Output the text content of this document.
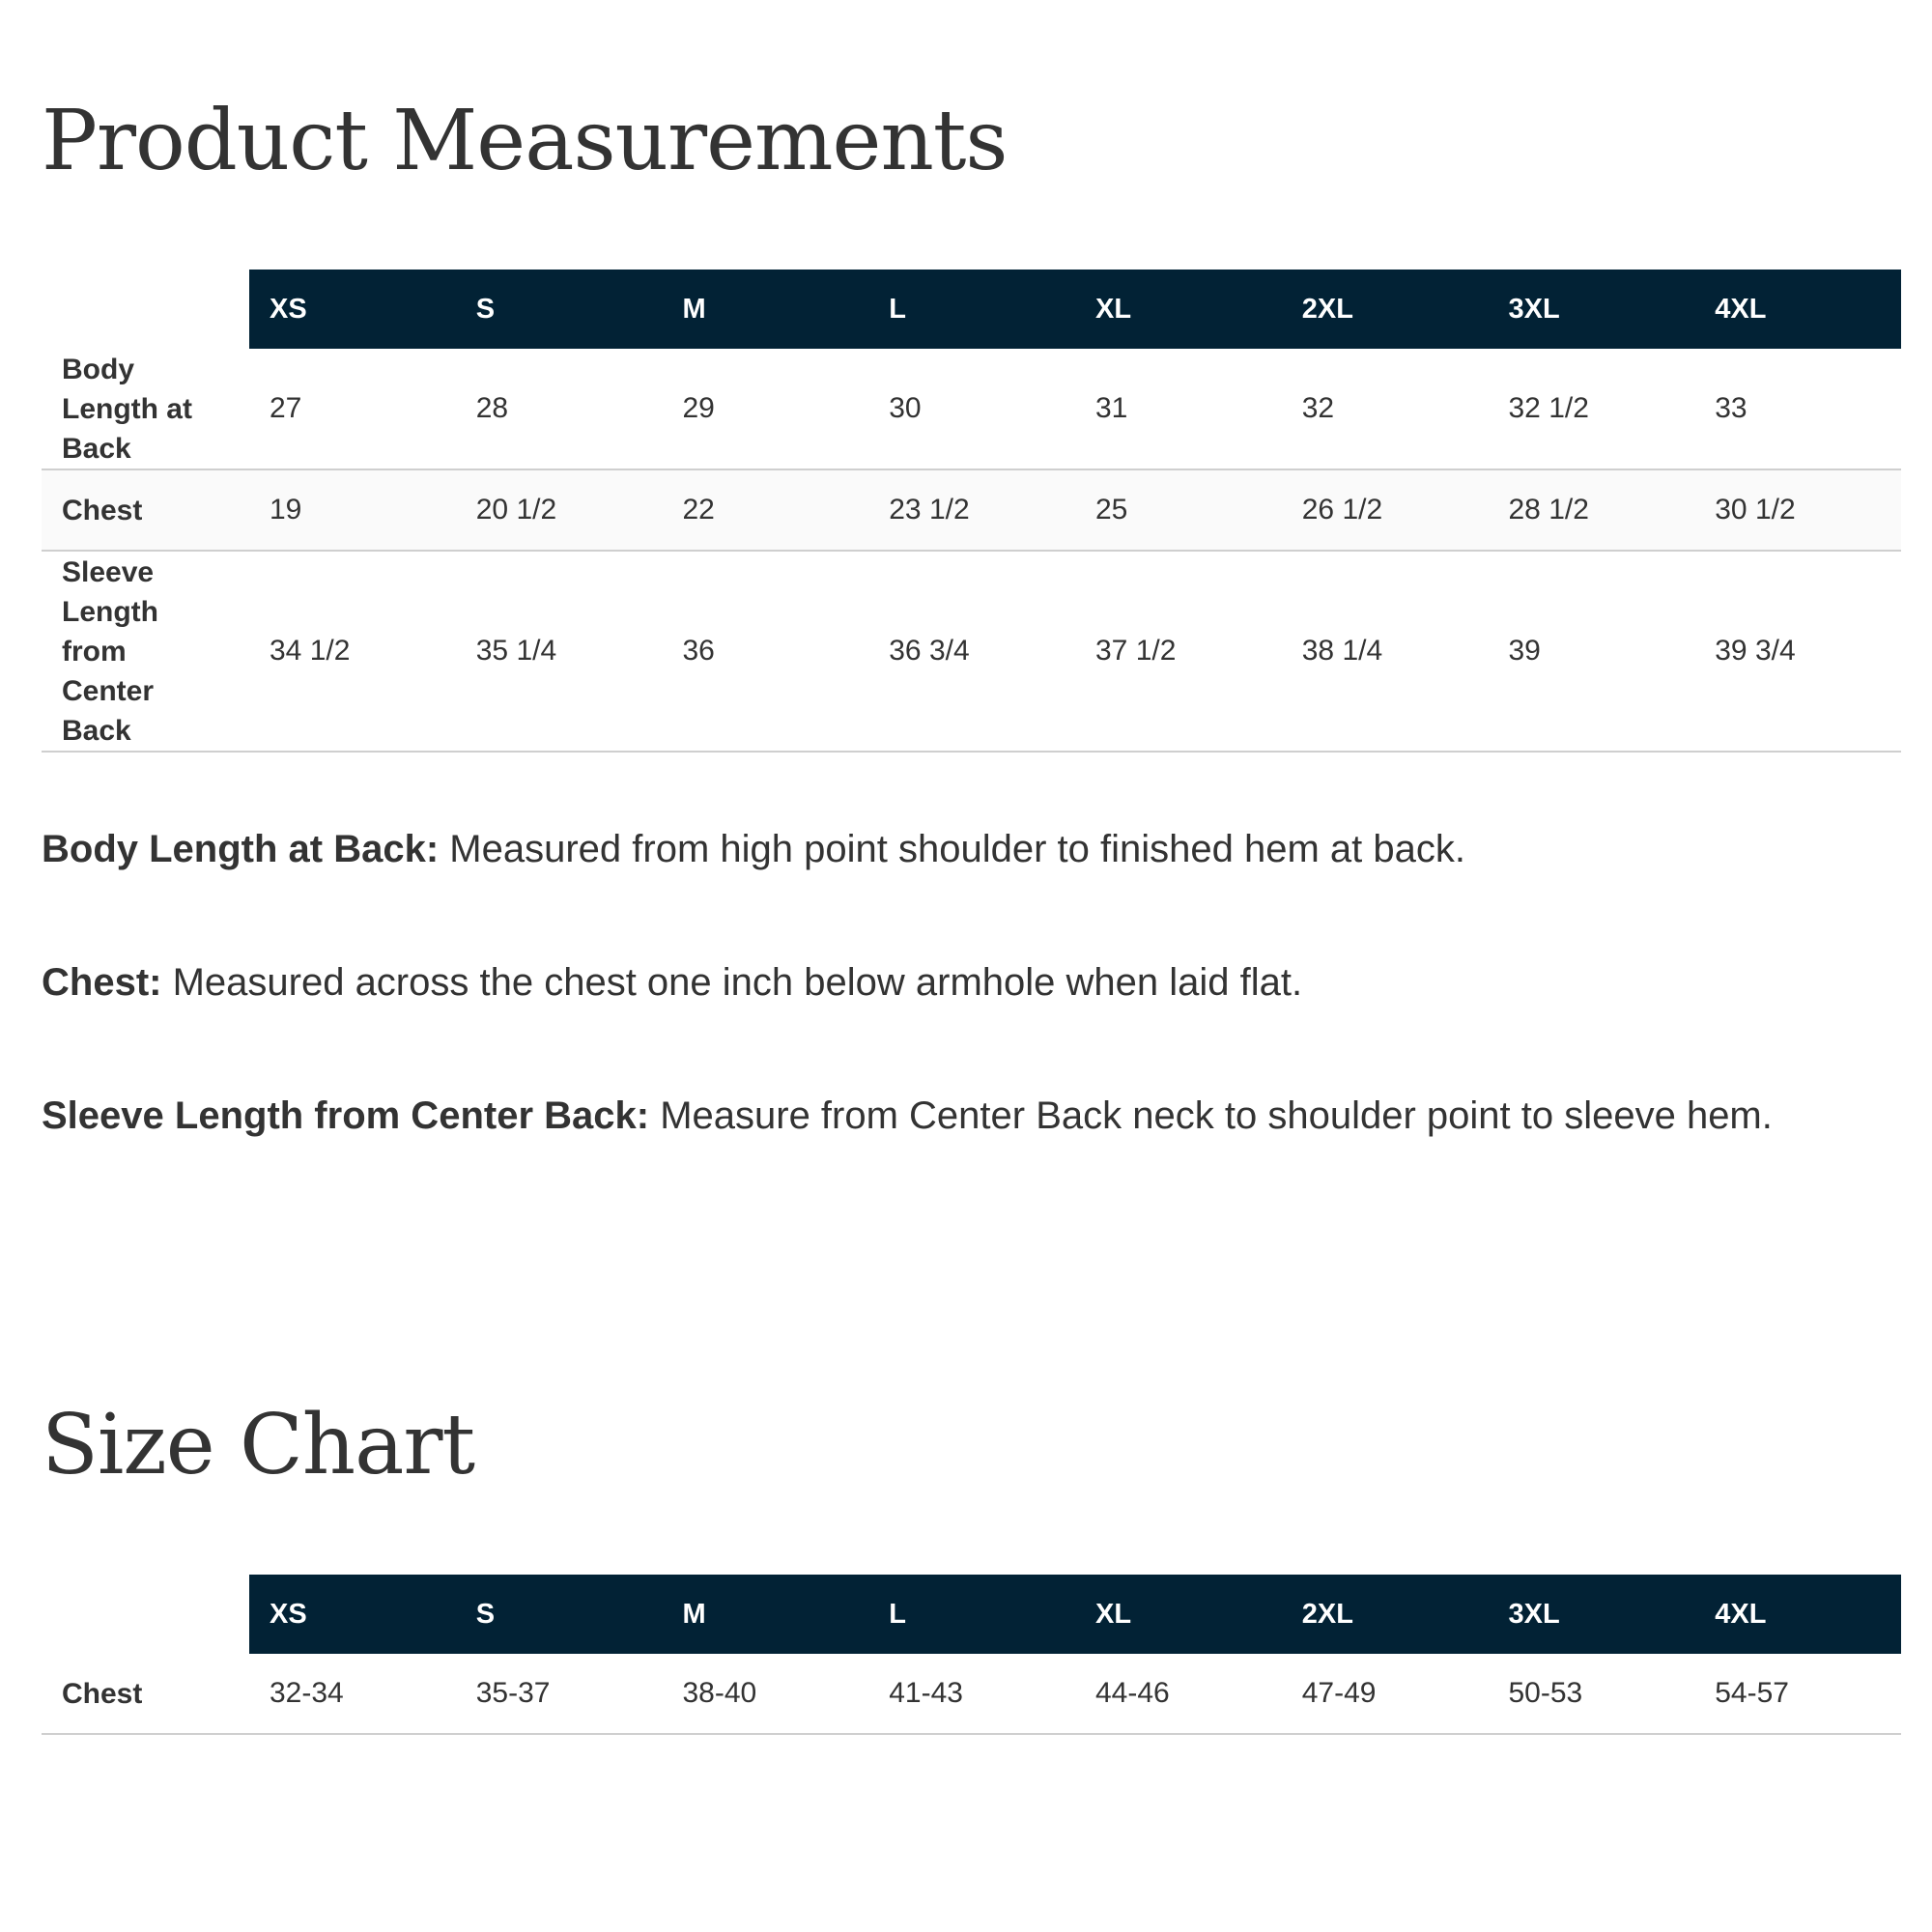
Product Measurements
	XS	S	M	L	XL	2XL	3XL	4XL
Body Length at Back	27	28	29	30	31	32	32 1/2	33
Chest	19	20 1/2	22	23 1/2	25	26 1/2	28 1/2	30 1/2
Sleeve Length from Center Back	34 1/2	35 1/4	36	36 3/4	37 1/2	38 1/4	39	39 3/4

Body Length at Back: Measured from high point shoulder to finished hem at back.

Chest: Measured across the chest one inch below armhole when laid flat.

Sleeve Length from Center Back: Measure from Center Back neck to shoulder point to sleeve hem.

Size Chart
	XS	S	M	L	XL	2XL	3XL	4XL
Chest	32-34	35-37	38-40	41-43	44-46	47-49	50-53	54-57
